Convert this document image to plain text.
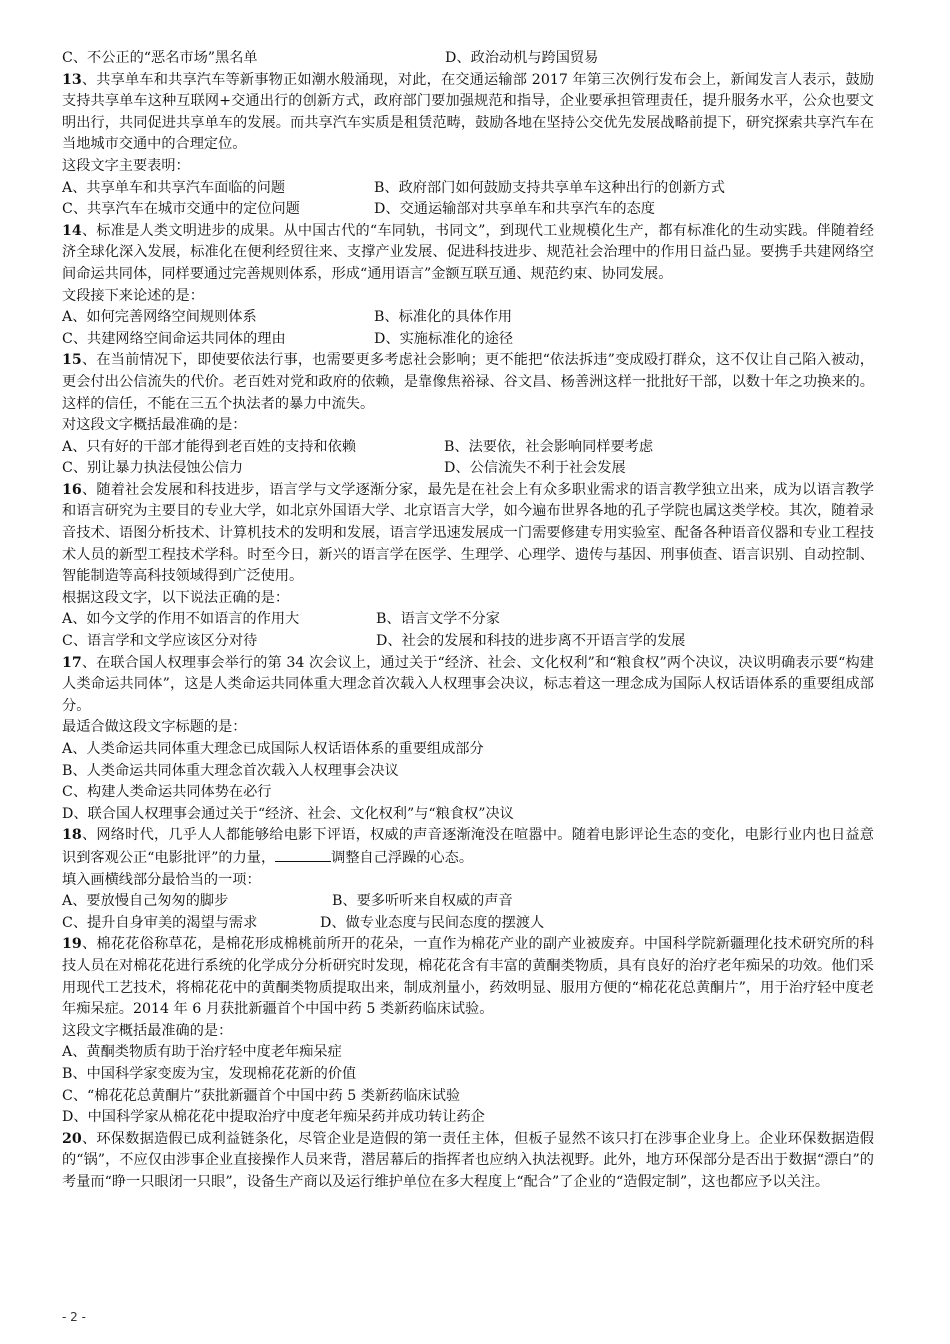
C、不公正的“恶名市场”黑名单	D、政治动机与跨国贸易

13、共享单车和共享汽车等新事物正如潮水般涌现，对此，在交通运输部 2017 年第三次例行发布会上，新闻发言人表示，鼓励支持共享单车这种互联网+交通出行的创新方式，政府部门要加强规范和指导，企业要承担管理责任，提升服务水平，公众也要文明出行，共同促进共享单车的发展。而共享汽车实质是租赁范畴，鼓励各地在坚持公交优先发展战略前提下，研究探索共享汽车在当地城市交通中的合理定位。

这段文字主要表明：
A、共享单车和共享汽车面临的问题	B、政府部门如何鼓励支持共享单车这种出行的创新方式
C、共享汽车在城市交通中的定位问题	D、交通运输部对共享单车和共享汽车的态度

14、标准是人类文明进步的成果。从中国古代的“车同轨，书同文”，到现代工业规模化生产，都有标准化的生动实践。伴随着经济全球化深入发展，标准化在便利经贸往来、支撑产业发展、促进科技进步、规范社会治理中的作用日益凸显。要携手共建网络空间命运共同体，同样要通过完善规则体系，形成“通用语言”金额互联互通、规范约束、协同发展。

文段接下来论述的是：
A、如何完善网络空间规则体系	B、标准化的具体作用
C、共建网络空间命运共同体的理由	D、实施标准化的途径

15、在当前情况下，即使要依法行事，也需要更多考虑社会影响；更不能把“依法拆违”变成殴打群众，这不仅让自己陷入被动，更会付出公信流失的代价。老百姓对党和政府的依赖，是靠像焦裕禄、谷文昌、杨善洲这样一批批好干部，以数十年之功换来的。这样的信任，不能在三五个执法者的暴力中流失。

对这段文字概括最准确的是：
A、只有好的干部才能得到老百姓的支持和依赖	B、法要依，社会影响同样要考虑
C、别让暴力执法侵蚀公信力	D、公信流失不利于社会发展

16、随着社会发展和科技进步，语言学与文学逐渐分家，最先是在社会上有众多职业需求的语言教学独立出来，成为以语言教学和语言研究为主要目的专业大学，如北京外国语大学、北京语言大学，如今遍布世界各地的孔子学院也属这类学校。其次，随着录音技术、语图分析技术、计算机技术的发明和发展，语言学迅速发展成一门需要修建专用实验室、配备各种语音仪器和专业工程技术人员的新型工程技术学科。时至今日，新兴的语言学在医学、生理学、心理学、遗传与基因、刑事侦查、语言识别、自动控制、智能制造等高科技领域得到广泛使用。

根据这段文字，以下说法正确的是：
A、如今文学的作用不如语言的作用大	B、语言文学不分家
C、语言学和文学应该区分对待	D、社会的发展和科技的进步离不开语言学的发展

17、在联合国人权理事会举行的第 34 次会议上，通过关于“经济、社会、文化权利”和“粮食权”两个决议，决议明确表示要“构建人类命运共同体”，这是人类命运共同体重大理念首次载入人权理事会决议，标志着这一理念成为国际人权话语体系的重要组成部分。

最适合做这段文字标题的是：
A、人类命运共同体重大理念已成国际人权话语体系的重要组成部分
B、人类命运共同体重大理念首次载入人权理事会决议
C、构建人类命运共同体势在必行
D、联合国人权理事会通过关于“经济、社会、文化权利”与“粮食权”决议

18、网络时代，几乎人人都能够给电影下评语，权威的声音逐渐淹没在喧嚣中。随着电影评论生态的变化，电影行业内也日益意识到客观公正“电影批评”的力量，	调整自己浮躁的心态。

填入画横线部分最恰当的一项：
A、要放慢自己匆匆的脚步	B、要多听听来自权威的声音
C、提升自身审美的渴望与需求	D、做专业态度与民间态度的摆渡人

19、棉花花俗称草花，是棉花形成棉桃前所开的花朵，一直作为棉花产业的副产业被废弃。中国科学院新疆理化技术研究所的科技人员在对棉花花进行系统的化学成分分析研究时发现，棉花花含有丰富的黄酮类物质，具有良好的治疗老年痴呆的功效。他们采用现代工艺技术，将棉花花中的黄酮类物质提取出来，制成剂量小，药效明显、服用方便的“棉花花总黄酮片”，用于治疗轻中度老年痴呆症。2014 年 6 月获批新疆首个中国中药 5 类新药临床试验。

这段文字概括最准确的是：
A、黄酮类物质有助于治疗轻中度老年痴呆症
B、中国科学家变废为宝，发现棉花花新的价值
C、“棉花花总黄酮片”获批新疆首个中国中药 5 类新药临床试验
D、中国科学家从棉花花中提取治疗中度老年痴呆药并成功转让药企

20、环保数据造假已成利益链条化，尽管企业是造假的第一责任主体，但板子显然不该只打在涉事企业身上。企业环保数据造假的“锅”，不应仅由涉事企业直接操作人员来背，潜居幕后的指挥者也应纳入执法视野。此外，地方环保部分是否出于数据“漂白”的考量而“睁一只眼闭一只眼”，设备生产商以及运行维护单位在多大程度上“配合”了企业的“造假定制”，这也都应予以关注。

- 2 -
